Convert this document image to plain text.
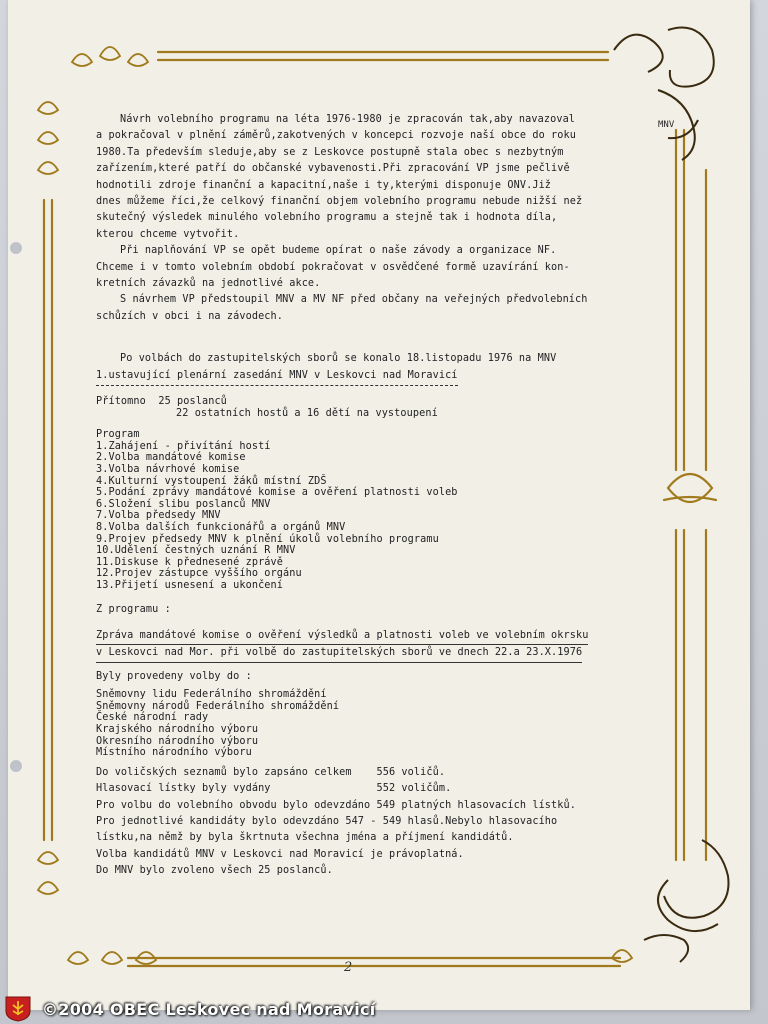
MNV

Návrh volebního programu na léta 1976-1980 je zpracován tak,aby navazoval

a pokračoval v plnění záměrů,zakotvených v koncepci rozvoje naší obce do roku

1980.Ta především sleduje,aby se z Leskovce postupně stala obec s nezbytným

zařízením,které patří do občanské vybavenosti.Při zpracování VP jsme pečlivě

hodnotili zdroje finanční a kapacitní,naše i ty,kterými disponuje ONV.Již

dnes můžeme říci,že celkový finanční objem volebního programu nebude nižší než

skutečný výsledek minulého volebního programu a stejně tak i hodnota díla,

kterou chceme vytvořit.

Při naplňování VP se opět budeme opírat o naše závody a organizace NF.

Chceme i v tomto volebním období pokračovat v osvědčené formě uzavírání kon-

kretních závazků na jednotlivé akce.

S návrhem VP předstoupil MNV a MV NF před občany na veřejných předvolebních

schůzích v obci i na závodech.

Po volbách do zastupitelských sborů se konalo 18.listopadu 1976 na MNV

1.ustavující plenární zasedání MNV v Leskovci nad Moravicí

Přítomno 25 poslanců

22 ostatních hostů a 16 dětí na vystoupení

Program

1.Zahájení - přivítání hostí

2.Volba mandátové komise

3.Volba návrhové komise

4.Kulturní vystoupení žáků místní ZDŠ

5.Podání zprávy mandátové komise a ověření platnosti voleb

6.Složení slibu poslanců MNV

7.Volba předsedy MNV

8.Volba dalších funkcionářů a orgánů MNV

9.Projev předsedy MNV k plnění úkolů volebního programu

10.Udělení čestných uznání R MNV

11.Diskuse k přednesené zprávě

12.Projev zástupce vyššího orgánu

13.Přijetí usnesení a ukončení

Z programu :

Zpráva mandátové komise o ověření výsledků a platnosti voleb ve volebním okrsku

v Leskovci nad Mor. při volbě do zastupitelských sborů ve dnech 22.a 23.X.1976

Byly provedeny volby do :

Sněmovny lidu Federálního shromáždění

Sněmovny národů Federálního shromáždění

České národní rady

Krajského národního výboru

Okresního národního výboru

Místního národního výboru

Do voličských seznamů bylo zapsáno celkem    556 voličů.

Hlasovací lístky byly vydány                 552 voličům.

Pro volbu do volebního obvodu bylo odevzdáno 549 platných hlasovacích lístků.

Pro jednotlivé kandidáty bylo odevzdáno 547 - 549 hlasů.Nebylo hlasovacího

lístku,na němž by byla škrtnuta všechna jména a příjmení kandidátů.

Volba kandidátů MNV v Leskovci nad Moravicí je právoplatná.

Do MNV bylo zvoleno všech 25 poslanců.

2
©2004 OBEC Leskovec nad Moravicí
